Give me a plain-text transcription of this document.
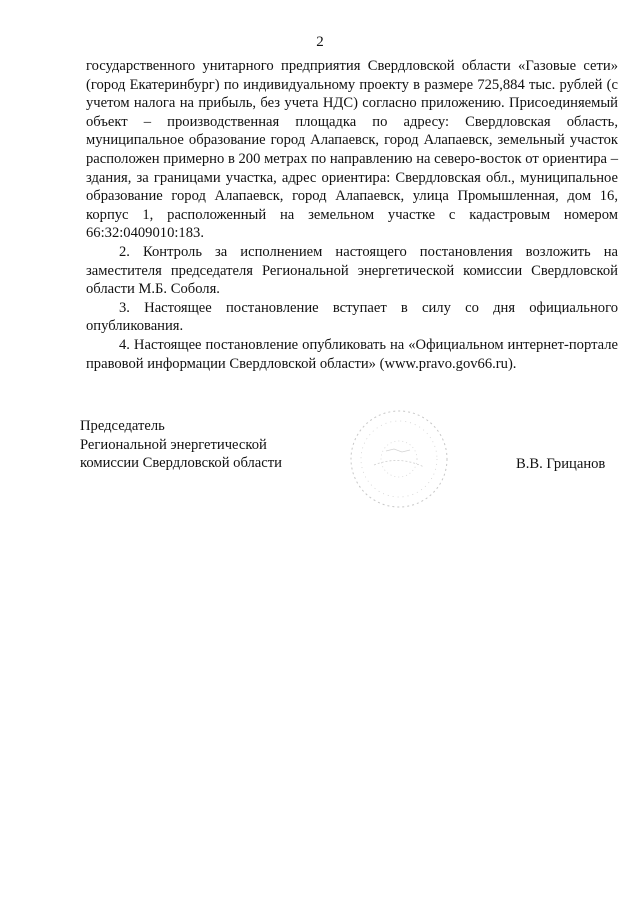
2

государственного унитарного предприятия Свердловской области «Газовые сети» (город Екатеринбург) по индивидуальному проекту в размере 725,884 тыс. рублей (с учетом налога на прибыль, без учета НДС) согласно приложению. Присоединяемый объект – производственная площадка по адресу: Свердловская область, муниципальное образование город Алапаевск, город Алапаевск, земельный участок расположен примерно в 200 метрах по направлению на северо-восток от ориентира – здания, за границами участка, адрес ориентира: Свердловская обл., муниципальное образование город Алапаевск, город Алапаевск, улица Промышленная, дом 16, корпус 1, расположенный на земельном участке с кадастровым номером 66:32:0409010:183.

2. Контроль за исполнением настоящего постановления возложить на заместителя председателя Региональной энергетической комиссии Свердловской области М.Б. Соболя.

3. Настоящее постановление вступает в силу со дня официального опубликования.

4. Настоящее постановление опубликовать на «Официальном интернет-портале правовой информации Свердловской области» (www.pravo.gov66.ru).

Председатель
Региональной энергетической
комиссии Свердловской области	В.В. Грицанов
